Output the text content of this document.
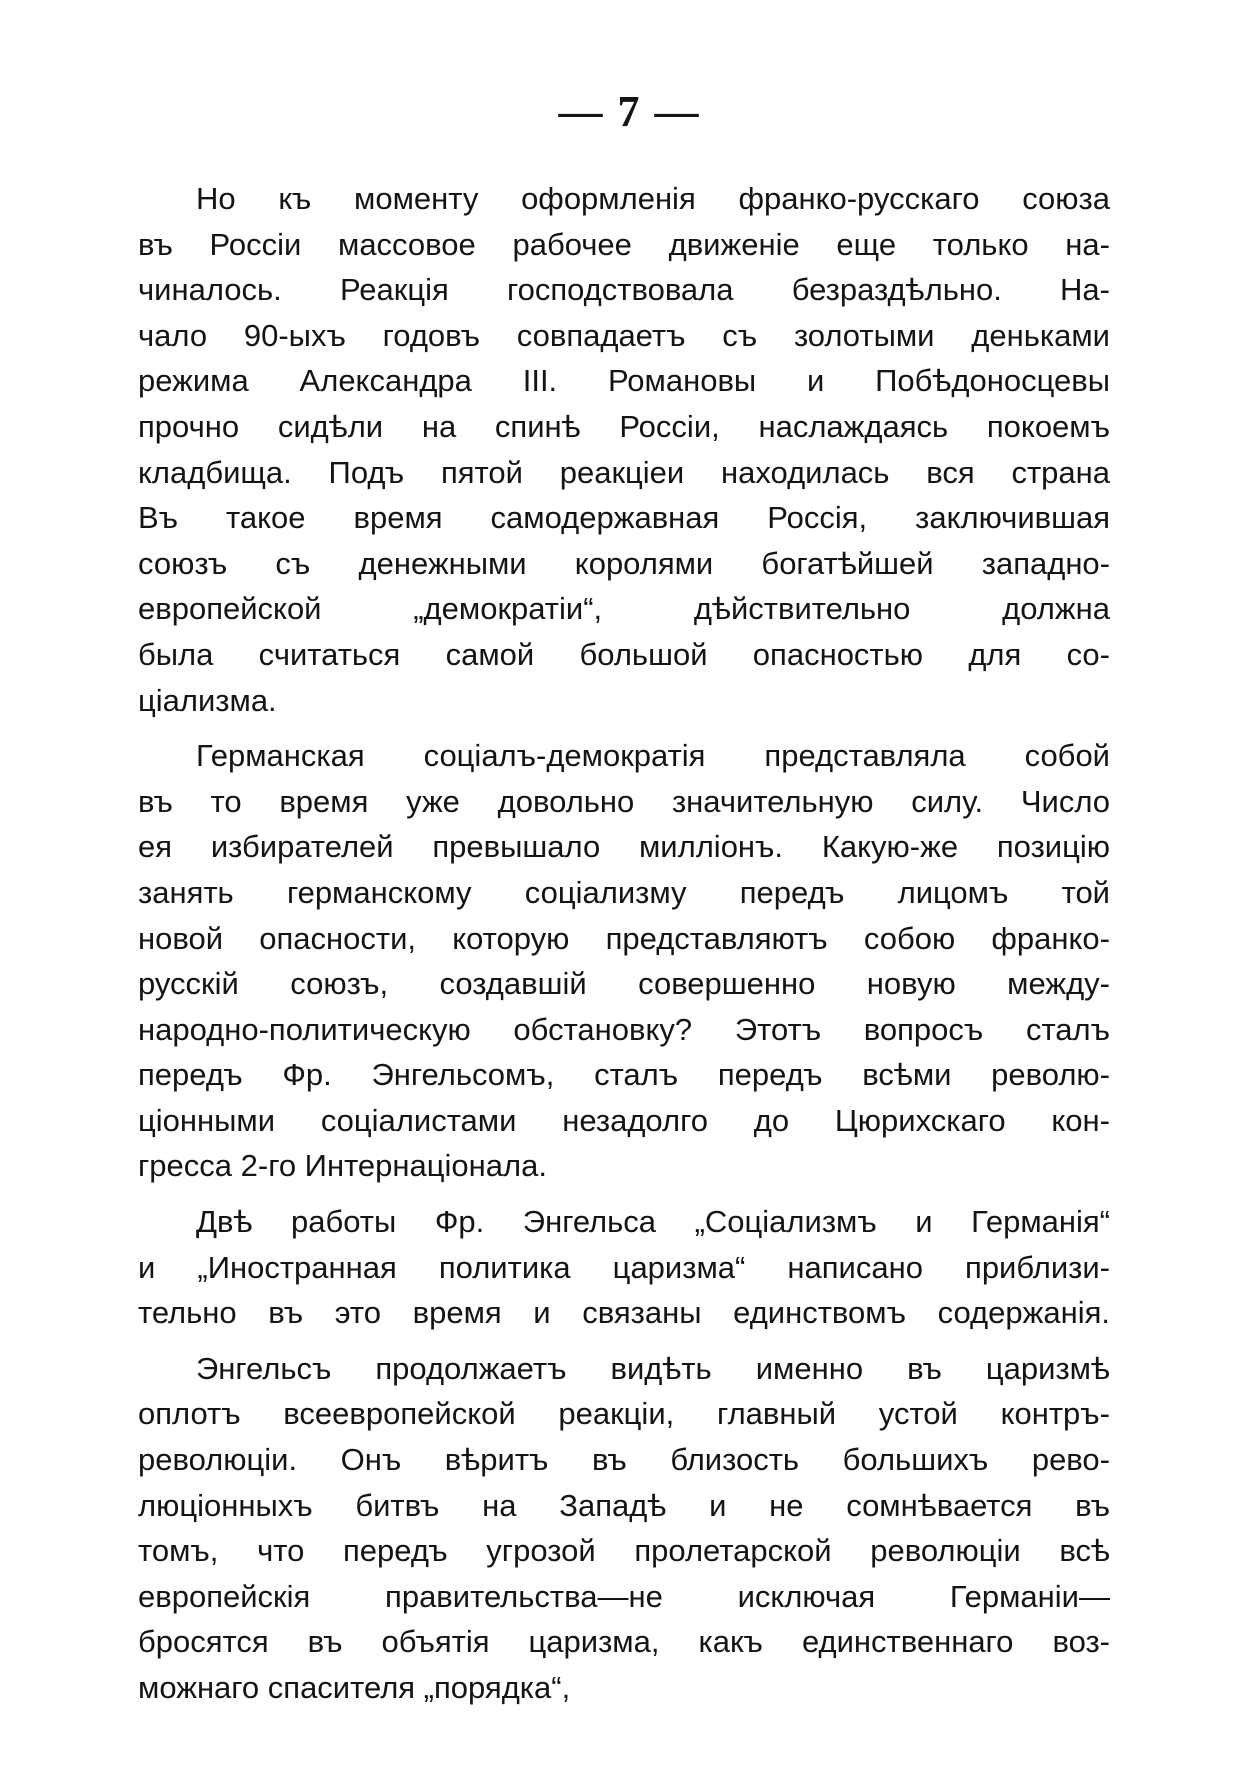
— 7 —
Но къ моменту оформленія франко-русскаго союза
въ Россіи массовое рабочее движеніе еще только на-
чиналось. Реакція господствовала безраздѣльно. На-
чало 90-ыхъ годовъ совпадаетъ съ золотыми деньками
режима Александра III. Романовы и Побѣдоносцевы
прочно сидѣли на спинѣ Россіи, наслаждаясь покоемъ
кладбища. Подъ пятой реакціеи находилась вся страна
Въ такое время самодержавная Россія, заключившая
союзъ съ денежными королями богатѣйшей западно-
европейской „демократіи“, дѣйствительно должна
была считаться самой большой опасностью для со-
ціализма.
Германская соціалъ-демократія представляла собой
въ то время уже довольно значительную силу. Число
ея избирателей превышало милліонъ. Какую-же позицію
занять германскому соціализму передъ лицомъ той
новой опасности, которую представляютъ собою франко-
русскій союзъ, создавшій совершенно новую между-
народно-политическую обстановку? Этотъ вопросъ сталъ
передъ Фр. Энгельсомъ, сталъ передъ всѣми револю-
ціонными соціалистами незадолго до Цюрихскаго кон-
гресса 2-го Интернаціонала.
Двѣ работы Фр. Энгельса „Соціализмъ и Германія“
и „Иностранная политика царизма“ написано приблизи-
тельно въ это время и связаны единствомъ содержанія.
Энгельсъ продолжаетъ видѣть именно въ царизмѣ
оплотъ всеевропейской реакціи, главный устой контръ-
революціи. Онъ вѣритъ въ близость большихъ рево-
люціонныхъ битвъ на Западѣ и не сомнѣвается въ
томъ, что передъ угрозой пролетарской революціи всѣ
европейскія правительства—не исключая Германіи—
бросятся въ объятія царизма, какъ единственнаго воз-
можнаго спасителя „порядка“,
